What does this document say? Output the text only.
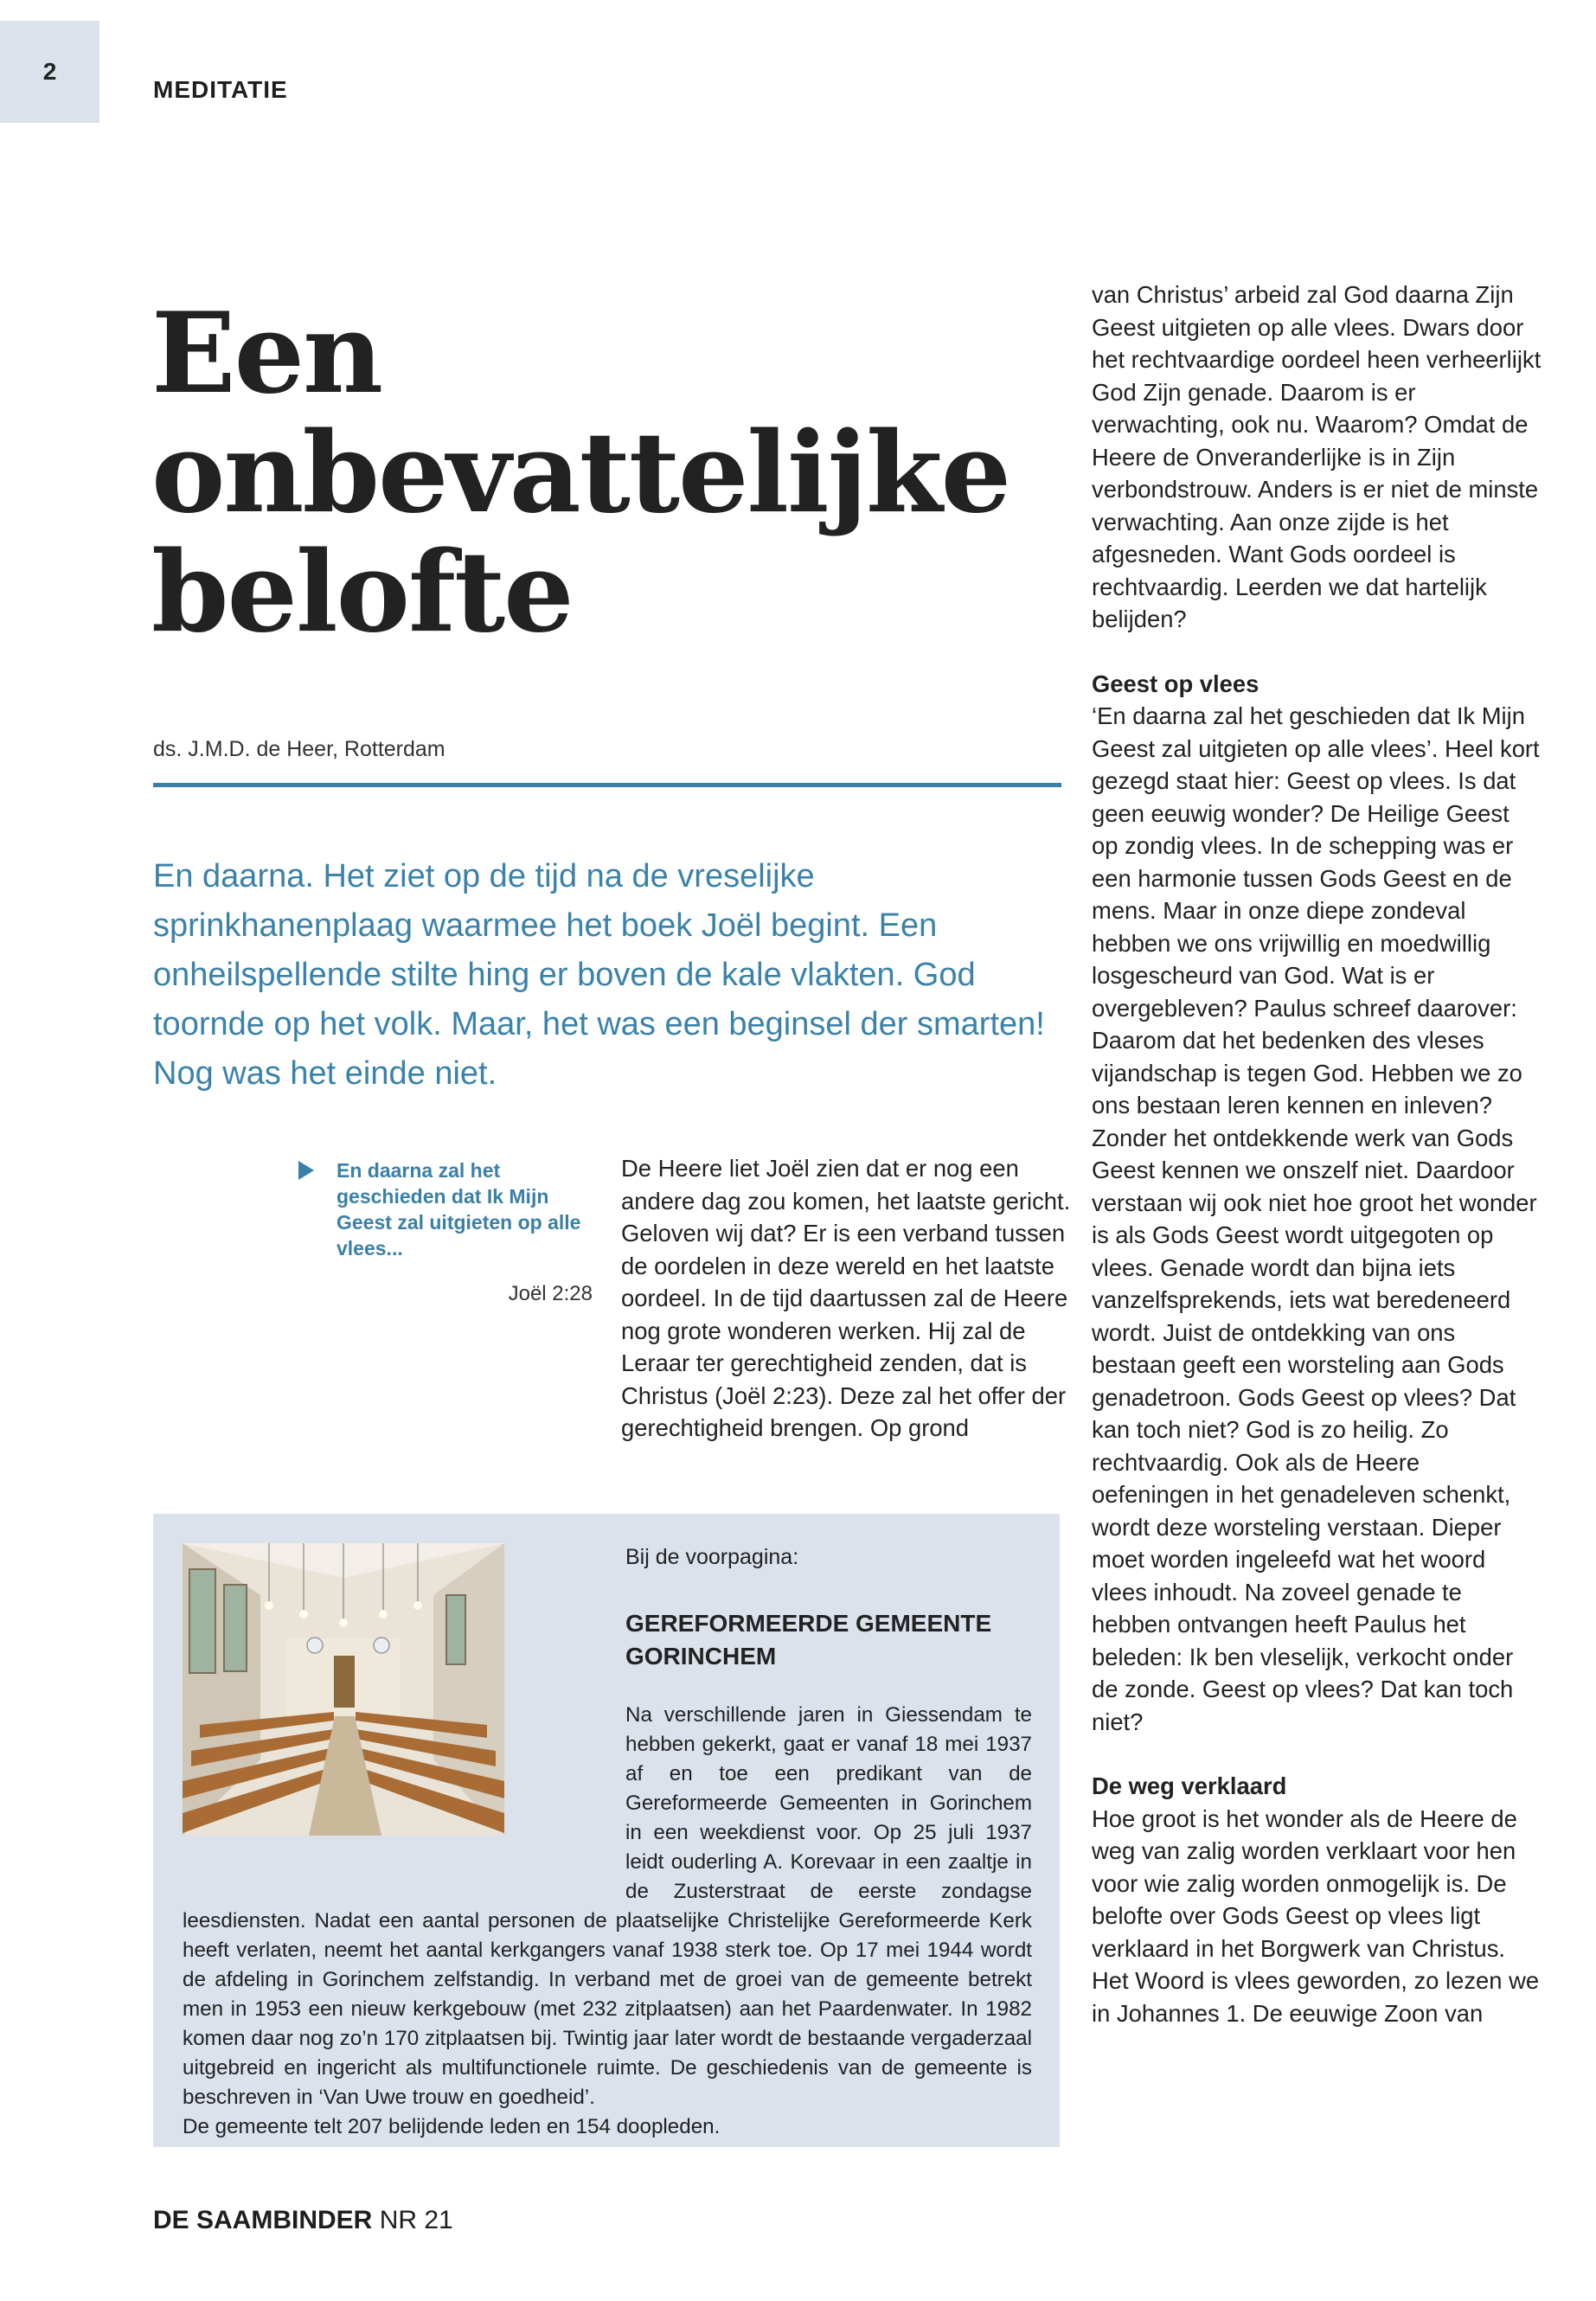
2
MEDITATIE
Een
onbevattelijke
belofte
ds. J.M.D. de Heer, Rotterdam
En daarna. Het ziet op de tijd na de vreselijke sprinkhanenplaag waarmee het boek Joël begint. Een onheilspellende stilte hing er boven de kale vlakten. God toornde op het volk. Maar, het was een beginsel der smarten! Nog was het einde niet.
En daarna zal het geschieden dat Ik Mijn Geest zal uitgieten op alle vlees...
Joël 2:28

De Heere liet Joël zien dat er nog een andere dag zou komen, het laatste gericht. Geloven wij dat? Er is een verband tussen de oordelen in deze wereld en het laatste oordeel. In de tijd daartussen zal de Heere nog grote wonderen werken. Hij zal de Leraar ter gerechtigheid zenden, dat is Christus (Joël 2:23). Deze zal het offer der gerechtigheid brengen. Op grond

van Christus’ arbeid zal God daarna Zijn Geest uitgieten op alle vlees. Dwars door het rechtvaardige oordeel heen verheerlijkt God Zijn genade. Daarom is er verwachting, ook nu. Waarom? Omdat de Heere de Onveranderlijke is in Zijn verbondstrouw. Anders is er niet de minste verwachting. Aan onze zijde is het afgesneden. Want Gods oordeel is rechtvaardig. Leerden we dat hartelijk belijden?

Geest op vlees

‘En daarna zal het geschieden dat Ik Mijn Geest zal uitgieten op alle vlees’. Heel kort gezegd staat hier: Geest op vlees. Is dat geen eeuwig wonder? De Heilige Geest op zondig vlees. In de schepping was er een harmonie tussen Gods Geest en de mens. Maar in onze diepe zondeval hebben we ons vrijwillig en moedwillig losgescheurd van God. Wat is er overgebleven? Paulus schreef daarover: Daarom dat het bedenken des vleses vijandschap is tegen God. Hebben we zo ons bestaan leren kennen en inleven? Zonder het ontdekkende werk van Gods Geest kennen we onszelf niet. Daardoor verstaan wij ook niet hoe groot het wonder is als Gods Geest wordt uitgegoten op vlees. Genade wordt dan bijna iets vanzelfsprekends, iets wat beredeneerd wordt. Juist de ontdekking van ons bestaan geeft een worsteling aan Gods genadetroon. Gods Geest op vlees? Dat kan toch niet? God is zo heilig. Zo rechtvaardig. Ook als de Heere oefeningen in het genadeleven schenkt, wordt deze worsteling verstaan. Dieper moet worden ingeleefd wat het woord vlees inhoudt. Na zoveel genade te hebben ontvangen heeft Paulus het beleden: Ik ben vleselijk, verkocht onder de zonde. Geest op vlees? Dat kan toch niet?

De weg verklaard

Hoe groot is het wonder als de Heere de weg van zalig worden verklaart voor hen voor wie zalig worden onmogelijk is. De belofte over Gods Geest op vlees ligt verklaard in het Borgwerk van Christus. Het Woord is vlees geworden, zo lezen we in Johannes 1. De eeuwige Zoon van

Bij de voorpagina:
GEREFORMEERDE GEMEENTE GORINCHEM
Na verschillende jaren in Giessendam te hebben gekerkt, gaat er vanaf 18 mei 1937 af en toe een predikant van de Gereformeerde Gemeenten in Gorinchem in een weekdienst voor. Op 25 juli 1937 leidt ouderling A. Korevaar in een zaaltje in de Zusterstraat de eerste zondagse leesdiensten. Nadat een aantal personen de plaatselijke Christelijke Gereformeerde Kerk heeft verlaten, neemt het aantal kerkgangers vanaf 1938 sterk toe. Op 17 mei 1944 wordt de afdeling in Gorinchem zelfstandig. In verband met de groei van de gemeente betrekt men in 1953 een nieuw kerkgebouw (met 232 zitplaatsen) aan het Paardenwater. In 1982 komen daar nog zo’n 170 zitplaatsen bij. Twintig jaar later wordt de bestaande vergaderzaal uitgebreid en ingericht als multifunctionele ruimte. De geschiedenis van de gemeente is beschreven in ‘Van Uwe trouw en goedheid’.
De gemeente telt 207 belijdende leden en 154 doopleden.
DE SAAMBINDER NR 21
